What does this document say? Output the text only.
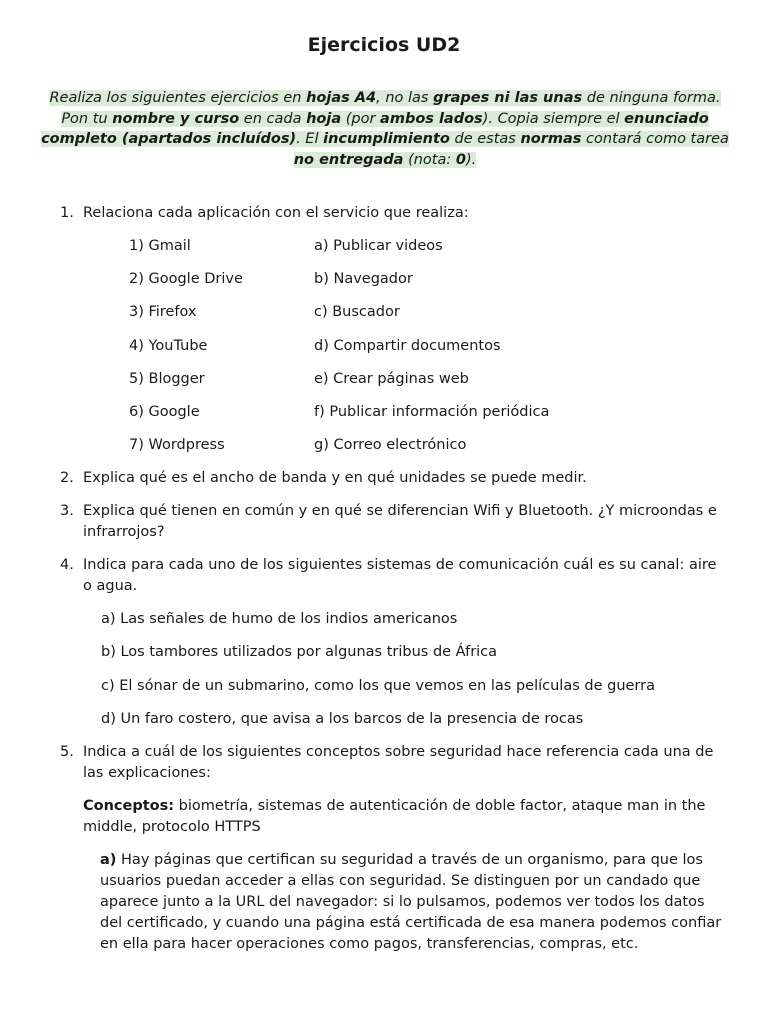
Ejercicios UD2
Realiza los siguientes ejercicios en hojas A4, no las grapes ni las unas de ninguna forma. Pon tu nombre y curso en cada hoja (por ambos lados). Copia siempre el enunciado completo (apartados incluídos). El incumplimiento de estas normas contará como tarea no entregada (nota: 0).
1. Relaciona cada aplicación con el servicio que realiza:
1) Gmail	a) Publicar videos
2) Google Drive	b) Navegador
3) Firefox	c) Buscador
4) YouTube	d) Compartir documentos
5) Blogger	e) Crear páginas web
6) Google	f) Publicar información periódica
7) Wordpress	g) Correo electrónico
2. Explica qué es el ancho de banda y en qué unidades se puede medir.
3. Explica qué tienen en común y en qué se diferencian Wifi y Bluetooth. ¿Y microondas e infrarrojos?
4. Indica para cada uno de los siguientes sistemas de comunicación cuál es su canal: aire o agua.
a) Las señales de humo de los indios americanos
b) Los tambores utilizados por algunas tribus de África
c) El sónar de un submarino, como los que vemos en las películas de guerra
d) Un faro costero, que avisa a los barcos de la presencia de rocas
5. Indica a cuál de los siguientes conceptos sobre seguridad hace referencia cada una de las explicaciones:
Conceptos: biometría, sistemas de autenticación de doble factor, ataque man in the middle, protocolo HTTPS
a) Hay páginas que certifican su seguridad a través de un organismo, para que los usuarios puedan acceder a ellas con seguridad. Se distinguen por un candado que aparece junto a la URL del navegador: si lo pulsamos, podemos ver todos los datos del certificado, y cuando una página está certificada de esa manera podemos confiar en ella para hacer operaciones como pagos, transferencias, compras, etc.
